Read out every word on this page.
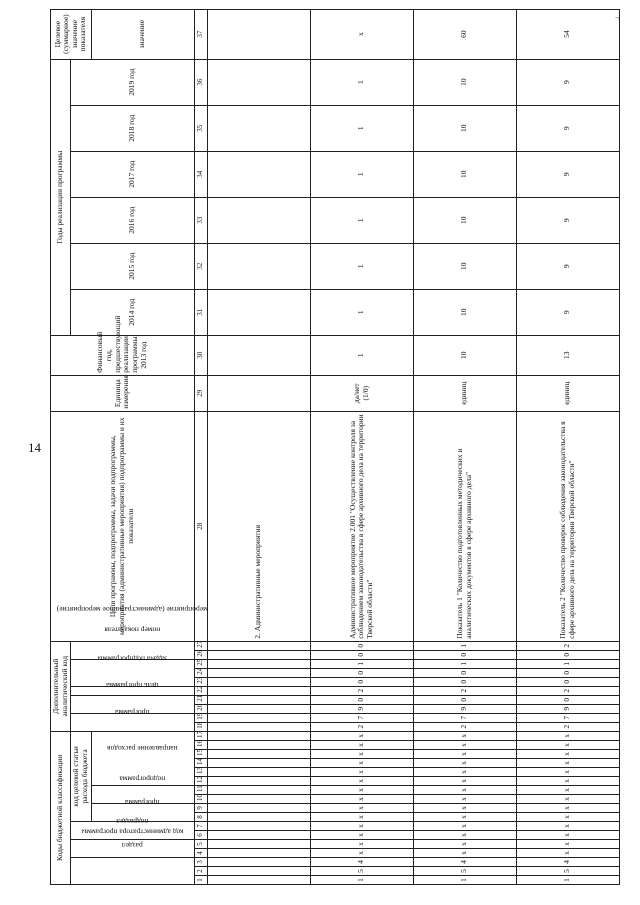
14
¬
Коды бюджетной классификации																	Дополнительный аналитический код										Цели программы, подпрограммы, задачи подпрограммы, мероприятия (административные мероприятия) подпрограммы и их показатели	Единица измерения	Финансовый год, предшествующий реализации программы, 2013 год	Годы реализации программы						Целевое (суммарное) значение показателя
код администратора программы			раздел		подраздел		код целевой статьи расхода бюджета										программа		цель программы		задача подпрограммы	мероприятие (административное мероприятие)			номер показателя					2014 год	2015 год	2016 год	2017 год	2018 год	2019 год	
							программа		подпрограмма		направление расходов																									значение
1	2	3	4	5	6	7	8	9	10	11	12	13	14	15	16	17	18	19	20	21	22	23	24	25	26	27	28	29	30	31	32	33	34	35	36	37
																											2. Административные мероприятия									
1	5	4	x	x	x	x	x	x	x	x	x	x	x	x	x	x	2	7	9	0	2	0	0	1	0	0	Административное мероприятие 2.001 "Осуществление контроля за соблюдением законодательства в сфере архивного дела на территории Тверской области"	да/нет (1/0)	1	1	1	1	1	1	1	x
1	5	4	x	x	x	x	x	x	x	x	x	x	x	x	x	x	2	7	9	0	2	0	0	1	0	1	Показатель 1 "Количество подготовленных методических и аналитических документов в сфере архивного дела"	единиц	10	10	10	10	10	10	10	60
1	5	4	x	x	x	x	x	x	x	x	x	x	x	x	x	x	2	7	9	0	2	0	0	1	0	2	Показатель 2 "Количество проверок соблюдения законодательства в сфере архивного дела на территории Тверской области"	единиц	13	9	9	9	9	9	9	54
